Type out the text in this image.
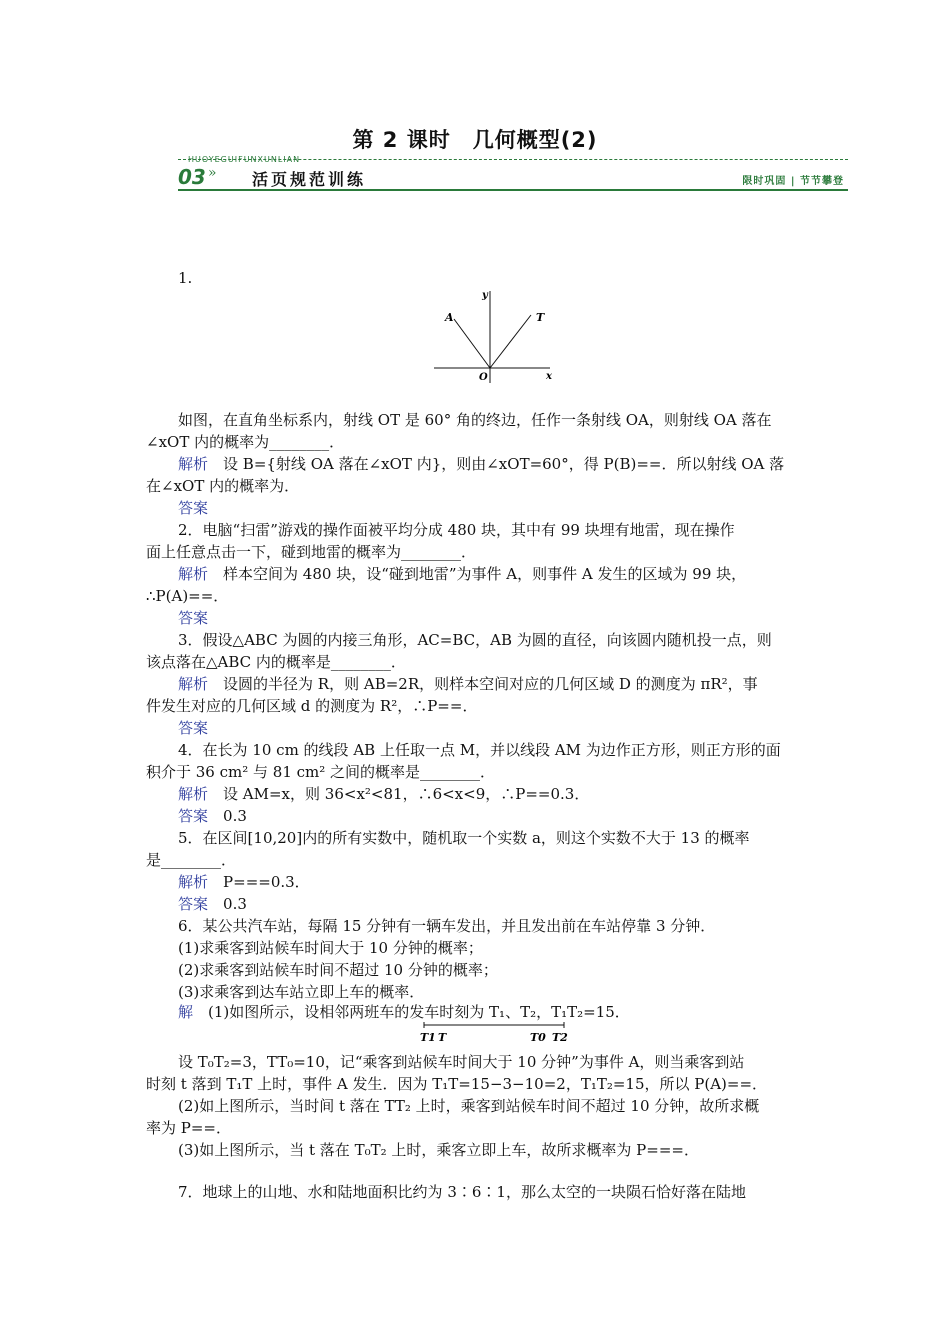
第 2 课时　几何概型(2)
HUOYEGUIFUNXUNLIAN
03 » 活页规范训练	限时巩固 | 节节攀登
y
x
O
A	T
T1 T	T0 T2
1.
如图，在直角坐标系内，射线 OT 是 60° 角的终边，任作一条射线 OA，则射线 OA 落在
∠xOT 内的概率为________．
解析　 设 B={射线 OA 落在∠xOT 内}，则由∠xOT=60°，得 P(B)==．所以射线 OA 落
在∠xOT 内的概率为．
答案
2．电脑“扫雷”游戏的操作面被平均分成 480 块，其中有 99 块埋有地雷，现在操作
面上任意点击一下，碰到地雷的概率为________．
解析　 样本空间为 480 块，设“碰到地雷”为事件 A，则事件 A 发生的区域为 99 块，
∴P(A)==．
答案
3．假设△ABC 为圆的内接三角形，AC=BC，AB 为圆的直径，向该圆内随机投一点，则
该点落在△ABC 内的概率是________．
解析　 设圆的半径为 R，则 AB=2R，则样本空间对应的几何区域 D 的测度为 πR²，事
件发生对应的几何区域 d 的测度为 R²，∴P==．
答案
4．在长为 10 cm 的线段 AB 上任取一点 M，并以线段 AM 为边作正方形，则正方形的面
积介于 36 cm² 与 81 cm² 之间的概率是________．
解析　 设 AM=x，则 36<x²<81，∴6<x<9，∴P==0.3．
答案　 0.3
5．在区间[10,20]内的所有实数中，随机取一个实数 a，则这个实数不大于 13 的概率
是________．
解析　 P===0.3．
答案　 0.3
6．某公共汽车站，每隔 15 分钟有一辆车发出，并且发出前在车站停靠 3 分钟．
(1)求乘客到站候车时间大于 10 分钟的概率；
(2)求乘客到站候车时间不超过 10 分钟的概率；
(3)求乘客到达车站立即上车的概率．
解　 (1)如图所示，设相邻两班车的发车时刻为 T₁、T₂，T₁T₂=15．
设 T₀T₂=3，TT₀=10，记“乘客到站候车时间大于 10 分钟”为事件 A，则当乘客到站
时刻 t 落到 T₁T 上时，事件 A 发生．因为 T₁T=15−3−10=2，T₁T₂=15，所以 P(A)==．
(2)如上图所示，当时间 t 落在 TT₂ 上时，乘客到站候车时间不超过 10 分钟，故所求概
率为 P==．
(3)如上图所示，当 t 落在 T₀T₂ 上时，乘客立即上车，故所求概率为 P===．
7．地球上的山地、水和陆地面积比约为 3∶6∶1，那么太空的一块陨石恰好落在陆地
